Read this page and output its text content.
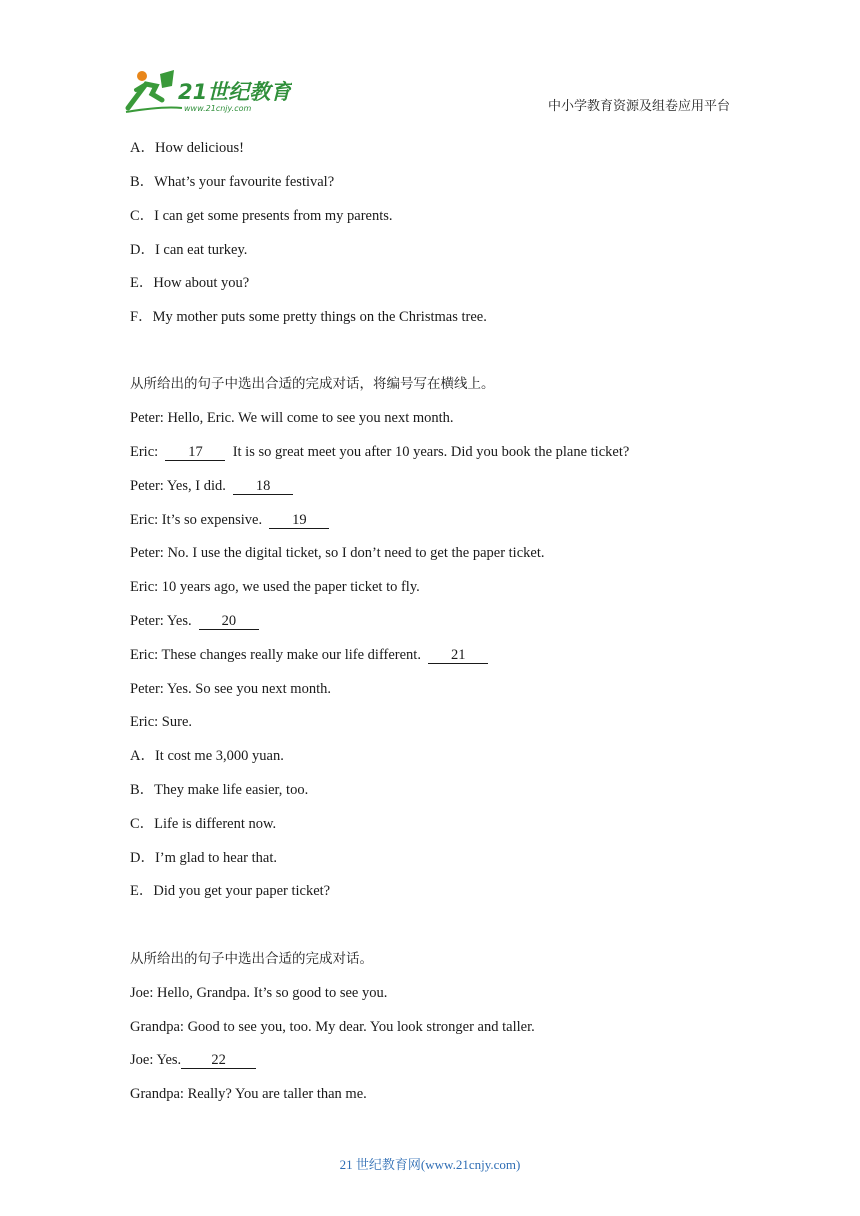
21世纪教育
www.21cnjy.com	中小学教育资源及组卷应用平台
A．How delicious!
B．What’s your favourite festival?
C．I can get some presents from my parents.
D．I can eat turkey.
E．How about you?
F．My mother puts some pretty things on the Christmas tree.
从所给出的句子中选出合适的完成对话，将编号写在横线上。
Peter: Hello, Eric. We will come to see you next month.
Eric:  17 It is so great meet you after 10 years. Did you book the plane ticket?
Peter: Yes, I did.  18
Eric: It’s so expensive.  19
Peter: No. I use the digital ticket, so I don’t need to get the paper ticket.
Eric: 10 years ago, we used the paper ticket to fly.
Peter: Yes.  20
Eric: These changes really make our life different.  21
Peter: Yes. So see you next month.
Eric: Sure.
A．It cost me 3,000 yuan.
B．They make life easier, too.
C．Life is different now.
D．I’m glad to hear that.
E．Did you get your paper ticket?
从所给出的句子中选出合适的完成对话。
Joe: Hello, Grandpa. It’s so good to see you.
Grandpa: Good to see you, too. My dear. You look stronger and taller.
Joe: Yes. 22
Grandpa: Really? You are taller than me.
21 世纪教育网(www.21cnjy.com)
